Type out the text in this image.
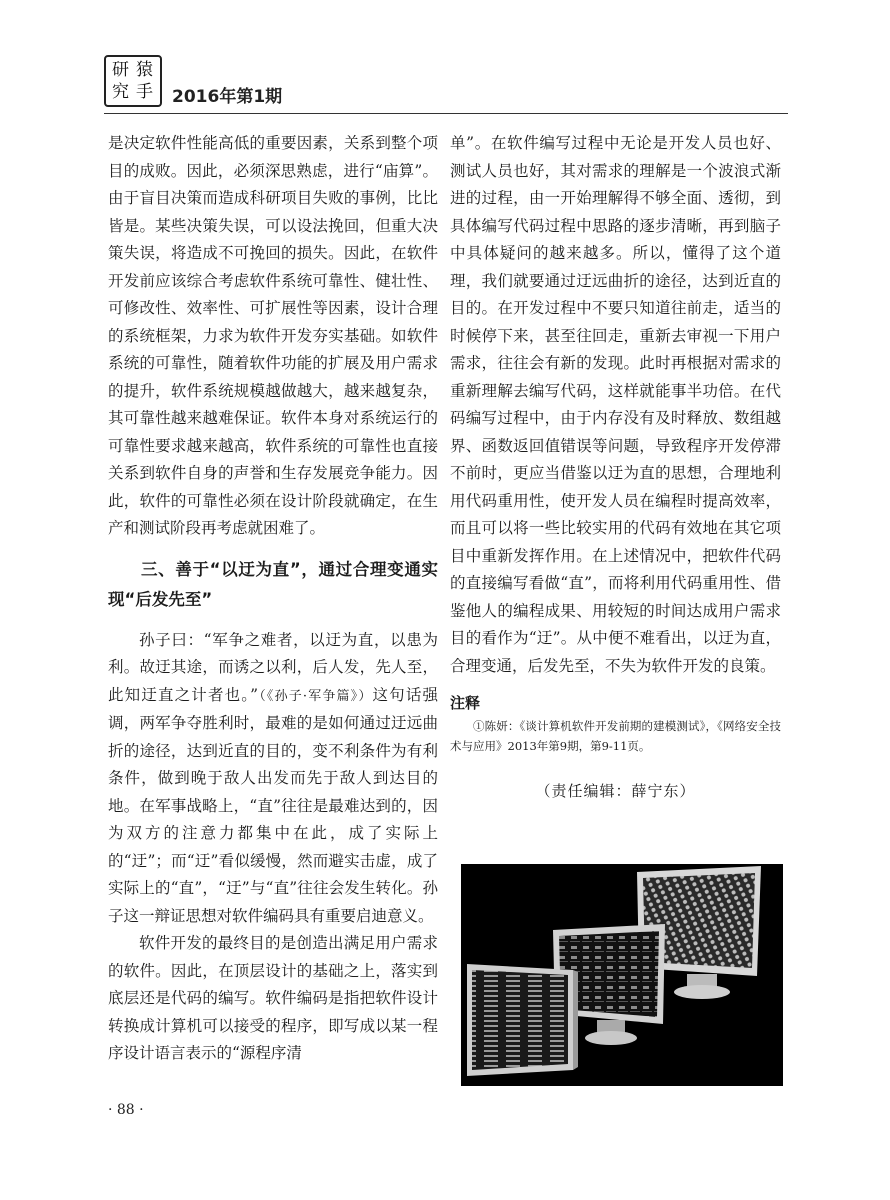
研 猿
究 手 2016年第1期

是决定软件性能高低的重要因素，关系到整个项目的成败。因此，必须深思熟虑，进行“庙算”。由于盲目决策而造成科研项目失败的事例，比比皆是。某些决策失误，可以设法挽回，但重大决策失误，将造成不可挽回的损失。因此，在软件开发前应该综合考虑软件系统可靠性、健壮性、可修改性、效率性、可扩展性等因素，设计合理的系统框架，力求为软件开发夯实基础。如软件系统的可靠性，随着软件功能的扩展及用户需求的提升，软件系统规模越做越大，越来越复杂，其可靠性越来越难保证。软件本身对系统运行的可靠性要求越来越高，软件系统的可靠性也直接关系到软件自身的声誉和生存发展竞争能力。因此，软件的可靠性必须在设计阶段就确定，在生产和测试阶段再考虑就困难了。

三、善于“以迂为直”，通过合理变通实现“后发先至”

孙子曰：“军争之难者，以迂为直，以患为利。故迂其途，而诱之以利，后人发，先人至，此知迂直之计者也。”（《孙子·军争篇》）这句话强调，两军争夺胜利时，最难的是如何通过迂远曲折的途径，达到近直的目的，变不利条件为有利条件，做到晚于敌人出发而先于敌人到达目的地。在军事战略上，“直”往往是最难达到的，因为双方的注意力都集中在此，成了实际上的“迂”；而“迂”看似缓慢，然而避实击虚，成了实际上的“直”，“迂”与“直”往往会发生转化。孙子这一辩证思想对软件编码具有重要启迪意义。

软件开发的最终目的是创造出满足用户需求的软件。因此，在顶层设计的基础之上，落实到底层还是代码的编写。软件编码是指把软件设计转换成计算机可以接受的程序，即写成以某一程序设计语言表示的“源程序清

单”。在软件编写过程中无论是开发人员也好、测试人员也好，其对需求的理解是一个波浪式渐进的过程，由一开始理解得不够全面、透彻，到具体编写代码过程中思路的逐步清晰，再到脑子中具体疑问的越来越多。所以，懂得了这个道理，我们就要通过迂远曲折的途径，达到近直的目的。在开发过程中不要只知道往前走，适当的时候停下来，甚至往回走，重新去审视一下用户需求，往往会有新的发现。此时再根据对需求的重新理解去编写代码，这样就能事半功倍。在代码编写过程中，由于内存没有及时释放、数组越界、函数返回值错误等问题，导致程序开发停滞不前时，更应当借鉴以迂为直的思想，合理地利用代码重用性，使开发人员在编程时提高效率，而且可以将一些比较实用的代码有效地在其它项目中重新发挥作用。在上述情况中，把软件代码的直接编写看做“直”，而将利用代码重用性、借鉴他人的编程成果、用较短的时间达成用户需求目的看作为“迂”。从中便不难看出，以迂为直，合理变通，后发先至，不失为软件开发的良策。

注释

①陈妍：《谈计算机软件开发前期的建模测试》，《网络安全技术与应用》2013年第9期，第9-11页。

（责任编辑：薛宁东）
· 88 ·
